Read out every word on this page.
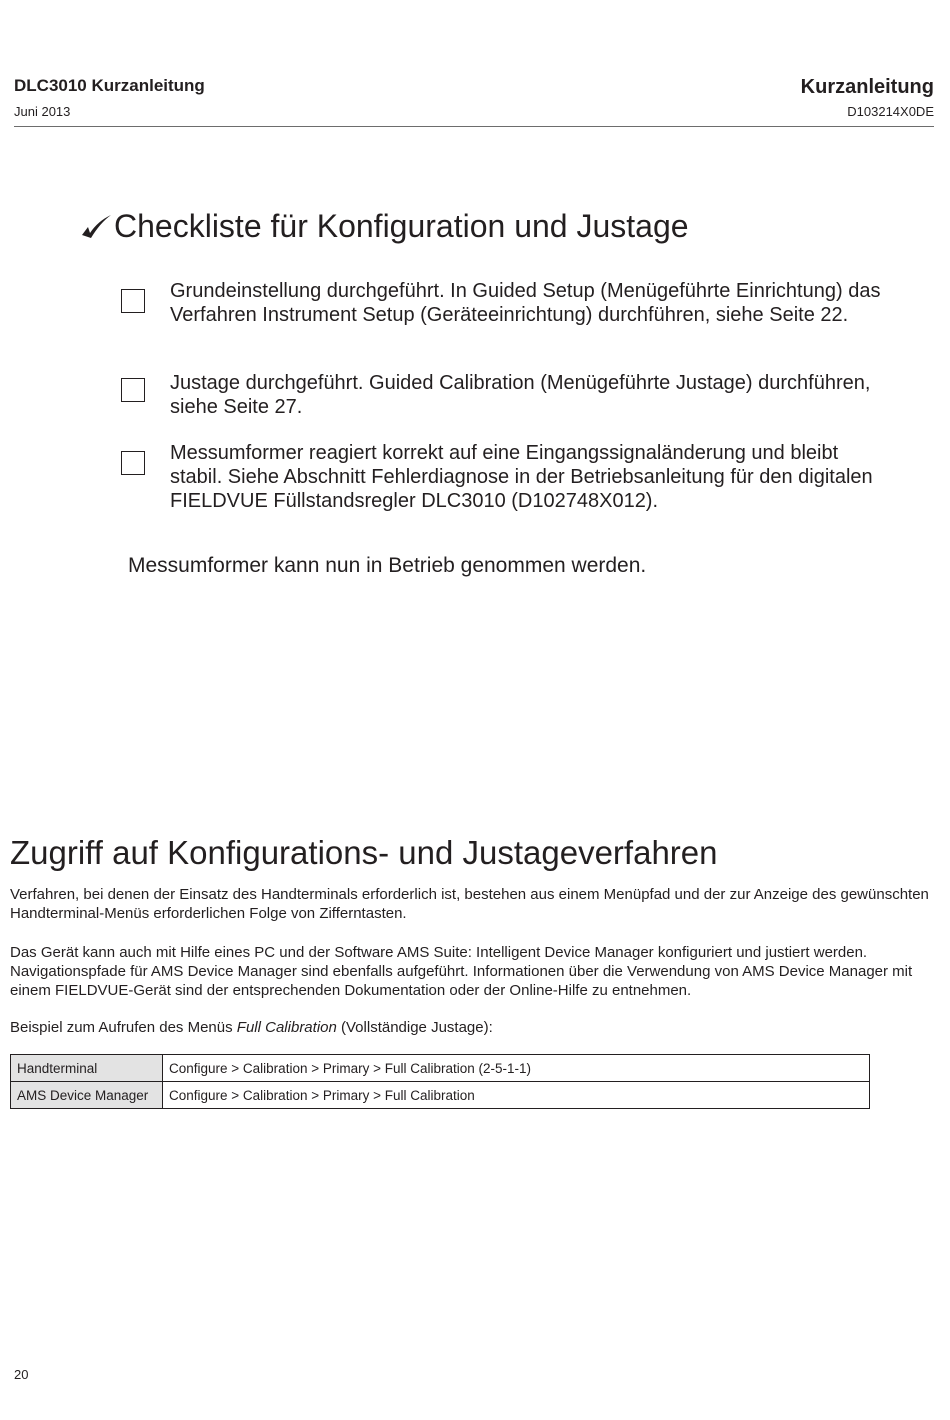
DLC3010 Kurzanleitung
Juni 2013
Kurzanleitung
D103214X0DE
Checkliste für Konfiguration und Justage
Grundeinstellung durchgeführt. In Guided Setup (Menügeführte Einrichtung) das Verfahren Instrument Setup (Geräteeinrichtung) durchführen, siehe Seite 22.
Justage durchgeführt. Guided Calibration (Menügeführte Justage) durchführen, siehe Seite 27.
Messumformer reagiert korrekt auf eine Eingangssignaländerung und bleibt stabil. Siehe Abschnitt Fehlerdiagnose in der Betriebsanleitung für den digitalen FIELDVUE Füllstandsregler DLC3010 (D102748X012).
Messumformer kann nun in Betrieb genommen werden.
Zugriff auf Konfigurations- und Justageverfahren
Verfahren, bei denen der Einsatz des Handterminals erforderlich ist, bestehen aus einem Menüpfad und der zur Anzeige des gewünschten Handterminal-Menüs erforderlichen Folge von Zifferntasten.
Das Gerät kann auch mit Hilfe eines PC und der Software AMS Suite: Intelligent Device Manager konfiguriert und justiert werden. Navigationspfade für AMS Device Manager sind ebenfalls aufgeführt. Informationen über die Verwendung von AMS Device Manager mit einem FIELDVUE-Gerät sind der entsprechenden Dokumentation oder der Online-Hilfe zu entnehmen.
Beispiel zum Aufrufen des Menüs Full Calibration (Vollständige Justage):
Handterminal	Configure > Calibration > Primary > Full Calibration (2-5-1-1)
AMS Device Manager	Configure > Calibration > Primary > Full Calibration
20
